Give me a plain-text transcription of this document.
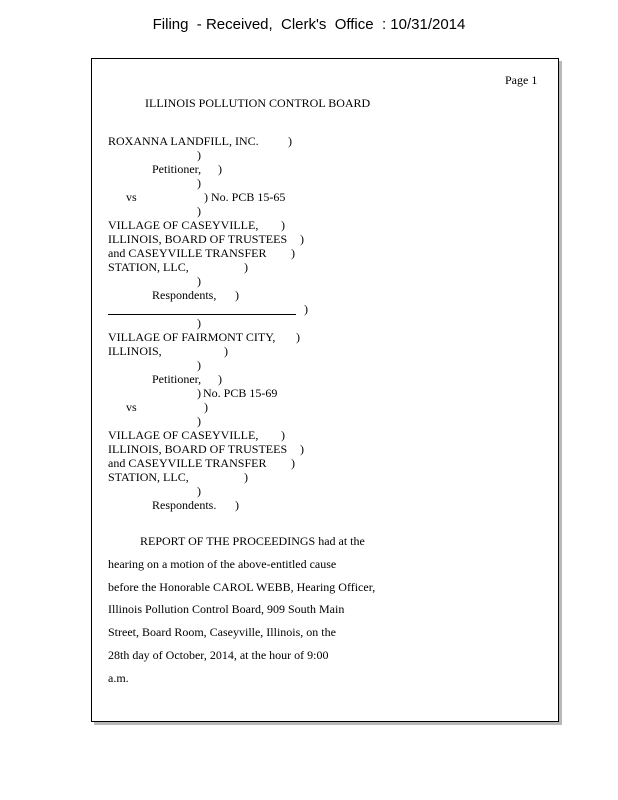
Filing  - Received,  Clerk's  Office  : 10/31/2014
Page 1
ILLINOIS POLLUTION CONTROL BOARD
ROXANNA LANDFILL, INC. )
)
Petitioner, )
)
vs	) No. PCB 15-65
)
VILLAGE OF CASEYVILLE, )
ILLINOIS, BOARD OF TRUSTEES )
and CASEYVILLE TRANSFER )
STATION, LLC,	)
)
Respondents, )
)
)
VILLAGE OF FAIRMONT CITY, )
ILLINOIS,	)
)
Petitioner, )
) No. PCB 15-69
vs	)
)
VILLAGE OF CASEYVILLE, )
ILLINOIS, BOARD OF TRUSTEES )
and CASEYVILLE TRANSFER )
STATION, LLC,	)
)
Respondents. )
REPORT OF THE PROCEEDINGS had at the
hearing on a motion of the above-entitled cause
before the Honorable CAROL WEBB, Hearing Officer,
Illinois Pollution Control Board, 909 South Main
Street, Board Room, Caseyville, Illinois, on the
28th day of October, 2014, at the hour of 9:00
a.m.
